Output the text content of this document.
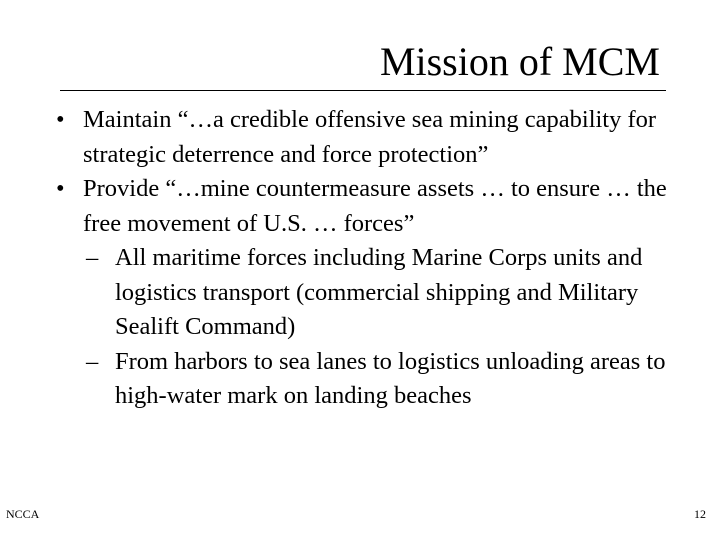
Mission of MCM
• Maintain “…a credible offensive sea mining capability for strategic deterrence and force protection”
• Provide “…mine countermeasure assets … to ensure … the free movement of U.S. … forces”
– All maritime forces including Marine Corps units and logistics transport (commercial shipping and Military Sealift Command)
– From harbors to sea lanes to logistics unloading areas to high-water mark on landing beaches
NCCA	12
